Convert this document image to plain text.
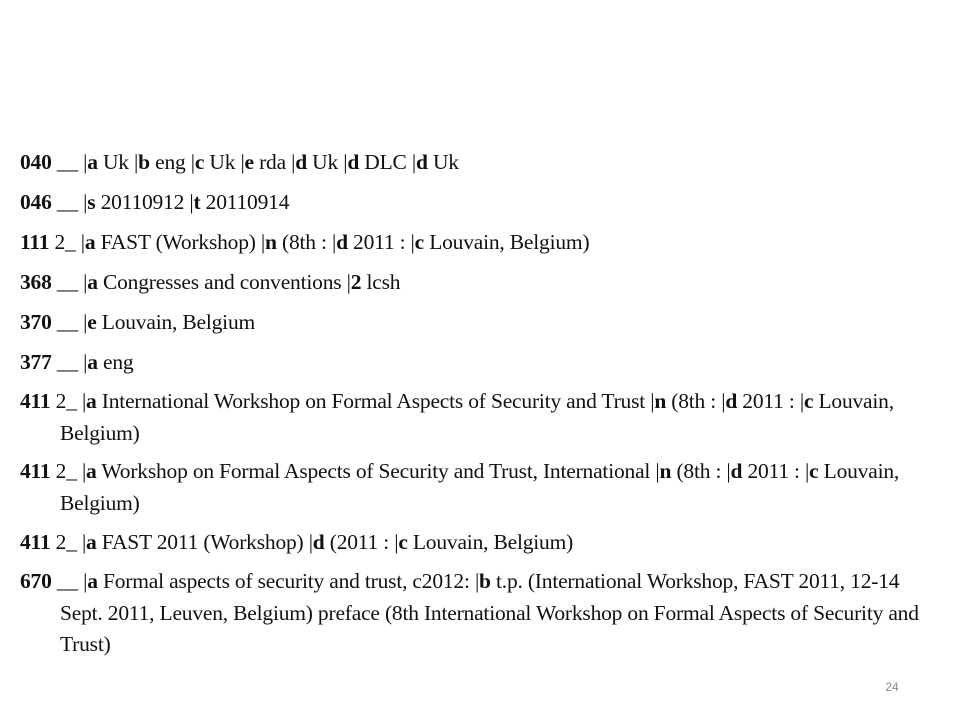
040 __ |a Uk |b eng |c Uk |e rda |d Uk |d DLC |d Uk
046 __ |s 20110912 |t 20110914
111 2_ |a FAST (Workshop) |n (8th : |d 2011 : |c Louvain, Belgium)
368 __ |a Congresses and conventions |2 lcsh
370 __ |e Louvain, Belgium
377 __ |a eng
411 2_ |a International Workshop on Formal Aspects of Security and Trust |n (8th : |d 2011 : |c Louvain, Belgium)
411 2_ |a Workshop on Formal Aspects of Security and Trust, International |n (8th : |d 2011 : |c Louvain, Belgium)
411 2_ |a FAST 2011 (Workshop) |d (2011 : |c Louvain, Belgium)
670 __ |a Formal aspects of security and trust, c2012: |b t.p. (International Workshop, FAST 2011, 12-14 Sept. 2011, Leuven, Belgium) preface (8th International Workshop on Formal Aspects of Security and Trust)
24
